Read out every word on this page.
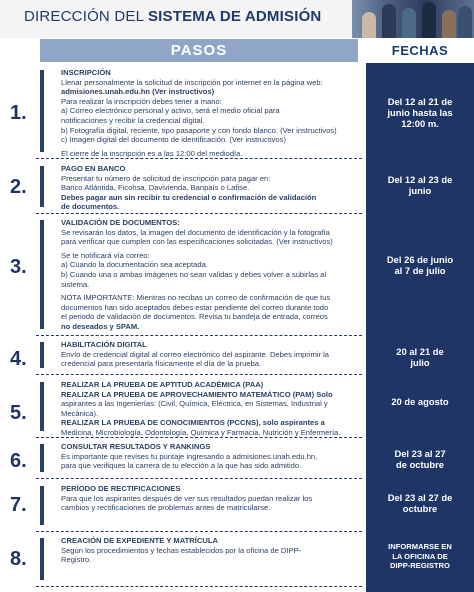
DIRECCIÓN DEL SISTEMA DE ADMISIÓN
PASOS	FECHAS
1.

INSCRIPCIÓN

Llenar personalmente la solicitud de inscripción por internet en la página web:

admisiones.unah.edu.hn (Ver instructivos)

Para realizar la inscripción debes tener a mano:

a) Correo electrónico personal y activo, será el medio oficial para

notificaciones y recibir la credencial digital.

b) Fotografía digital, reciente, tipo pasaporte y con fondo blanco. (Ver instructivos)

c) Imagen digital del documento de identificación. (Ver instructivos)

El cierre de la inscripción es a las 12:00 del mediodía.

Del 12 al 21 de
junio hasta las
12:00 m.
2.

PAGO EN BANCO

Presentar tu número de solicitud de inscripción para pagar en:

Banco Atlántida, Ficohsa, Davivienda, Banpaís o Lafise.

Debes pagar aun sin recibir tu credencial o confirmación de validación

de documentos.

Del 12 al 23 de
junio
3.

VALIDACIÓN DE DOCUMENTOS:

Se revisarán los datos, la imagen del documento de identificación y la fotografía

para verificar que cumplen con las especificaciones solicitadas. (Ver instructivos)

Se te notificará vía correo:

a) Cuando la documentación sea aceptada.

b) Cuando una o ambas imágenes no sean validas y debes volver a subirlas al

sistema.

NOTA IMPORTANTE: Mientras no recibas un correo de confirmación de que tus

documentos han sido aceptados debes estar pendiente del correo durante todo

el periodo de validación de documentos. Revisa tu bandeja de entrada, correos

no deseados y SPAM.

Del 26 de junio
al 7 de julio
4.

HABILITACIÓN DIGITAL

Envío de credencial digital al correo electrónico del aspirante. Debes imprimir la

credencial para presentarla físicamente el día de la prueba.

20 al 21 de
julio
5.

REALIZAR LA PRUEBA DE APTITUD ACADÉMICA (PAA)

REALIZAR LA PRUEBA DE APROVECHAMIENTO MATEMÁTICO (PAM) Solo

aspirantes a las Ingenierías: (Civil, Química, Eléctrica, en Sistemas, Industrial y

Mecánica).

REALIZAR LA PRUEBA DE CONOCIMIENTOS (PCCNS), solo aspirantes a

Medicina, Microbiología, Odontología, Química y Farmacia, Nutrición y Enfermería.

20 de agosto
6.

CONSULTAR RESULTADOS Y RANKINGS

Es importante que revises tu puntaje ingresando a admisiones.unah.edu.hn,

para que verifiques la carrera de tu elección a la que has sido admitido.

Del 23 al 27
de octubre
7.

PERÍODO DE RECTIFICACIONES

Para que los aspirantes después de ver sus resultados puedan realizar los

cambios y rectificaciones de problemas antes de matricularse.

Del 23 al 27 de
octubre
8.

CREACIÓN DE EXPEDIENTE Y MATRÍCULA

Según los procedimientos y fechas establecidos por la oficina de DIPP-

Registro.

INFORMARSE EN
LA OFICINA DE
DIPP-REGISTRO
